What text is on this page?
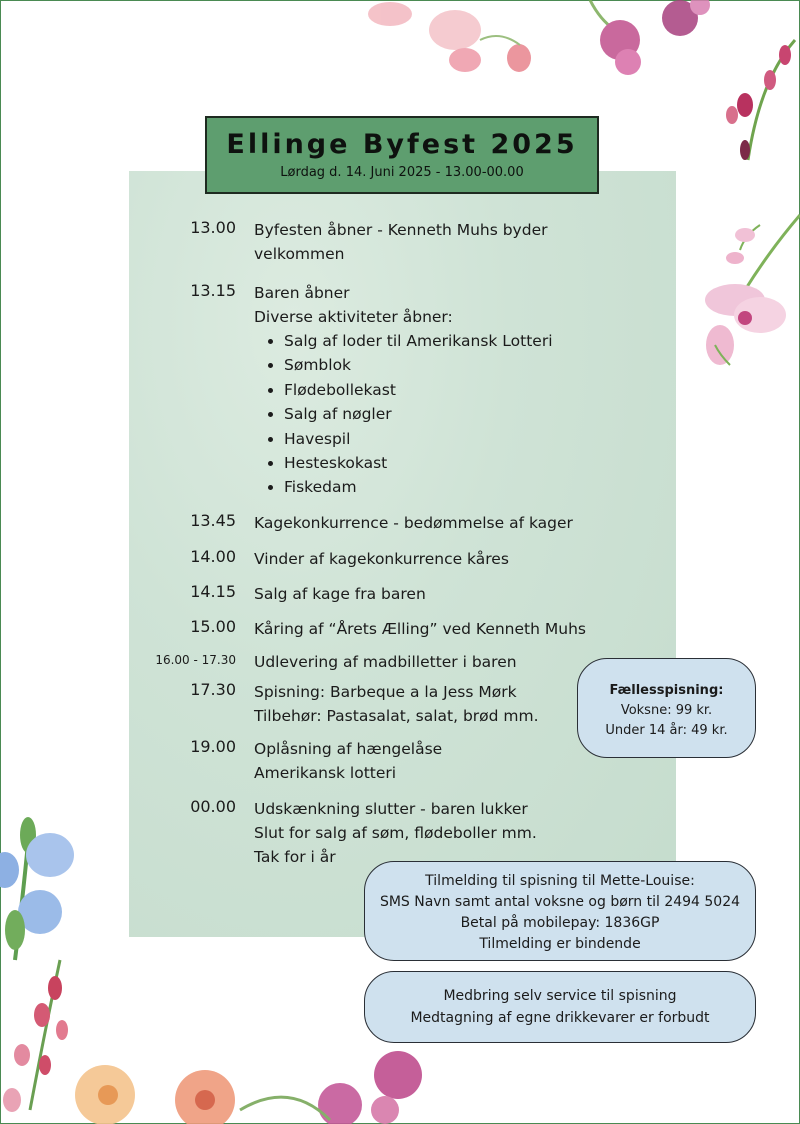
Ellinge Byfest 2025
Lørdag d. 14. Juni 2025 - 13.00-00.00
13.00 Byfesten åbner - Kenneth Muhs byder
velkommen
13.15 Baren åbner
Diverse aktiviteter åbner:
• Salg af loder til Amerikansk Lotteri
• Sømblok
• Flødebollekast
• Salg af nøgler
• Havespil
• Hesteskokast
• Fiskedam
13.45 Kagekonkurrence - bedømmelse af kager
14.00 Vinder af kagekonkurrence kåres
14.15 Salg af kage fra baren
15.00 Kåring af “Årets Ælling” ved Kenneth Muhs
16.00 - 17.30 Udlevering af madbilletter i baren
17.30 Spisning: Barbeque a la Jess Mørk
Tilbehør: Pastasalat, salat, brød mm.
19.00 Oplåsning af hængelåse
Amerikansk lotteri
00.00 Udskænkning slutter - baren lukker
Slut for salg af søm, flødeboller mm.
Tak for i år
Fællesspisning:
Voksne: 99 kr.
Under 14 år: 49 kr.
Tilmelding til spisning til Mette-Louise:
SMS Navn samt antal voksne og børn til 2494 5024
Betal på mobilepay: 1836GP
Tilmelding er bindende
Medbring selv service til spisning
Medtagning af egne drikkevarer er forbudt
